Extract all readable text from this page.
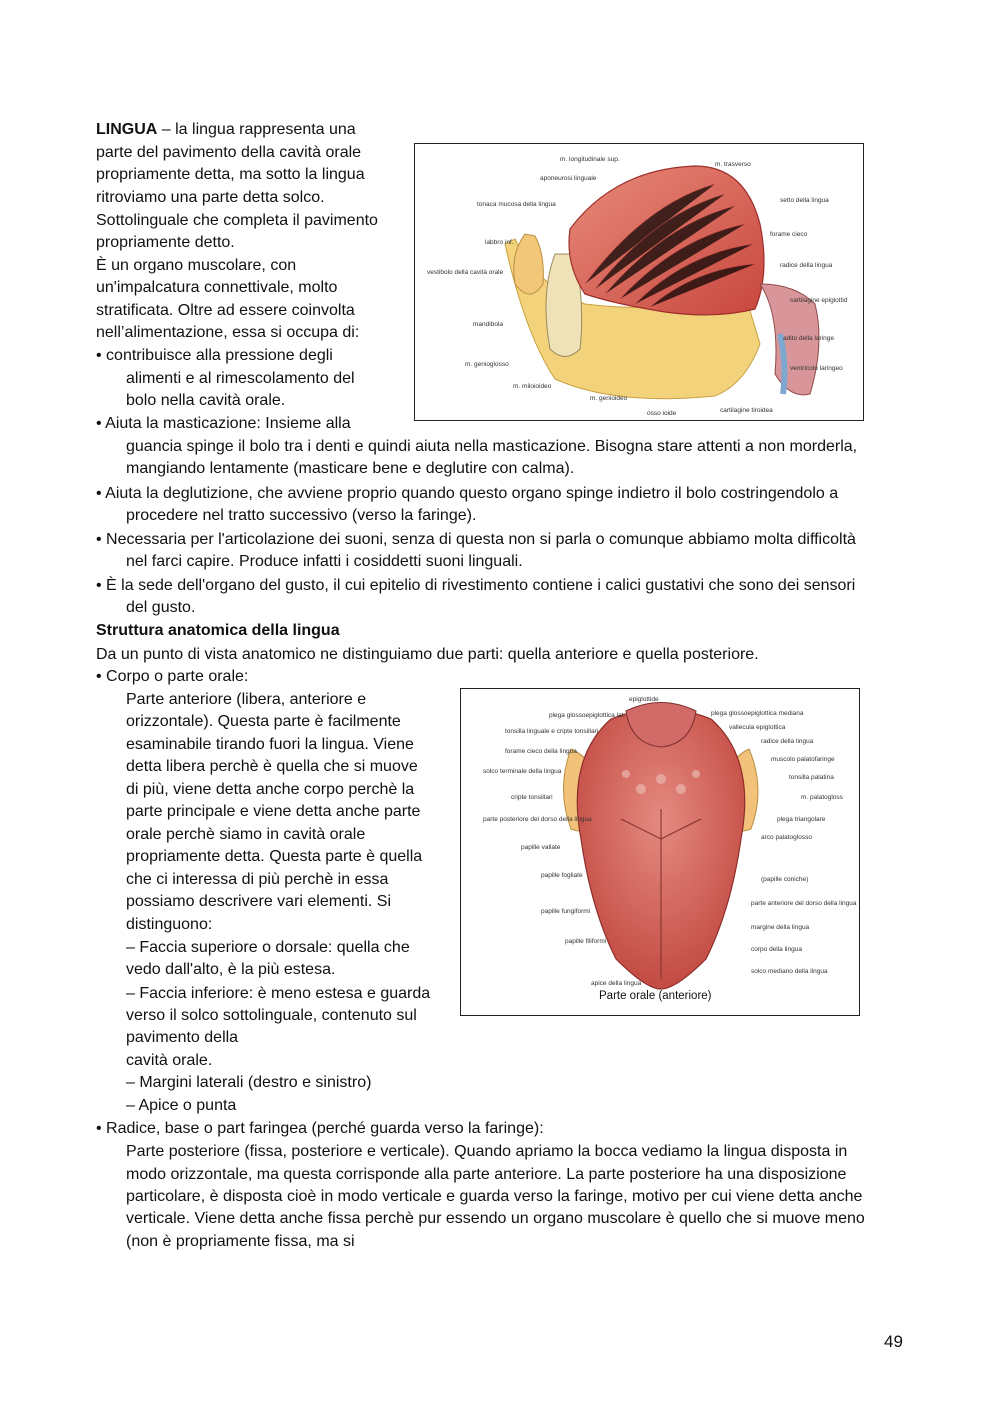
LINGUA – la lingua rappresenta una
parte del pavimento della cavità orale
propriamente detta, ma sotto la lingua
ritroviamo una parte detta solco.
Sottolinguale che completa il pavimento
propriamente detto.
È un organo muscolare, con
un'impalcatura connettivale, molto
stratificata. Oltre ad essere coinvolta
nell’alimentazione, essa si occupa di:
• contribuisce alla pressione degli
alimenti e al rimescolamento del
bolo nella cavità orale.
• Aiuta la masticazione: Insieme alla
guancia spinge il bolo tra i denti e quindi aiuta nella masticazione. Bisogna stare attenti a non morderla,
mangiando lentamente (masticare bene e deglutire con calma).
• Aiuta la deglutizione, che avviene proprio quando questo organo spinge indietro il bolo costringendolo a
procedere nel tratto successivo (verso la faringe).
• Necessaria per l'articolazione dei suoni, senza di questa non si parla o comunque abbiamo molta difficoltà
nel farci capire. Produce infatti i cosiddetti suoni linguali.
• È la sede dell'organo del gusto, il cui epitelio di rivestimento contiene i calici gustativi che sono dei sensori
del gusto.
Struttura anatomica della lingua
Da un punto di vista anatomico ne distinguiamo due parti: quella anteriore e quella posteriore.
• Corpo o parte orale:
Parte anteriore (libera, anteriore e
orizzontale). Questa parte è facilmente
esaminabile tirando fuori la lingua. Viene
detta libera perchè è quella che si muove
di più, viene detta anche corpo perchè la
parte principale e viene detta anche parte
orale perchè siamo in cavità orale
propriamente detta. Questa parte è quella
che ci interessa di più perchè in essa
possiamo descrivere vari elementi. Si
distinguono:
– Faccia superiore o dorsale: quella che
vedo dall'alto, è la più estesa.
– Faccia inferiore: è meno estesa e guarda
verso il solco sottolinguale, contenuto sul
pavimento della
cavità orale.
– Margini laterali (destro e sinistro)
– Apice o punta
• Radice, base o part faringea (perché guarda verso la faringe):
Parte posteriore (fissa, posteriore e verticale). Quando apriamo la bocca vediamo la lingua disposta in
modo orizzontale, ma questa corrisponde alla parte anteriore. La parte posteriore ha una disposizione
particolare, è disposta cioè in modo verticale e guarda verso la faringe, motivo per cui viene detta anche
verticale. Viene detta anche fissa perchè pur essendo un organo muscolare è quello che si muove meno
(non è propriamente fissa, ma si
m. longitudinale sup.
m. trasverso
aponeurosi linguale
tonaca mucosa della lingua
setto della lingua
forame cieco
labbro inf.
radice della lingua
vestibolo della cavità orale
cartilagine epiglottid
mandibola
adito della laringe
m. genioglosso
ventricolo laringeo
m. miloioideo
m. genioideo
osso ioide	cartilagine tiroidea
epiglottide
plega glossoepiglottica lat.	plega glossoepiglottica mediana
tonsilla linguale e cripte tonsillari
vallecula epiglottica
forame cieco della lingua
radice della lingua
solco terminale della lingua
muscolo palatofaringe
tonsilla palatina
cripte tonsillari	m. palatogloss
parte posteriore del dorso della lingua	plega triangolare
arco palatoglosso
papille vallate
papille fogliate
(papille coniche)
papille fungiformi
parte anteriore del dorso della lingua
margine della lingua
papille filiformi
corpo della lingua
solco mediano della lingua
apice della lingua
Parte orale (anteriore)
49
